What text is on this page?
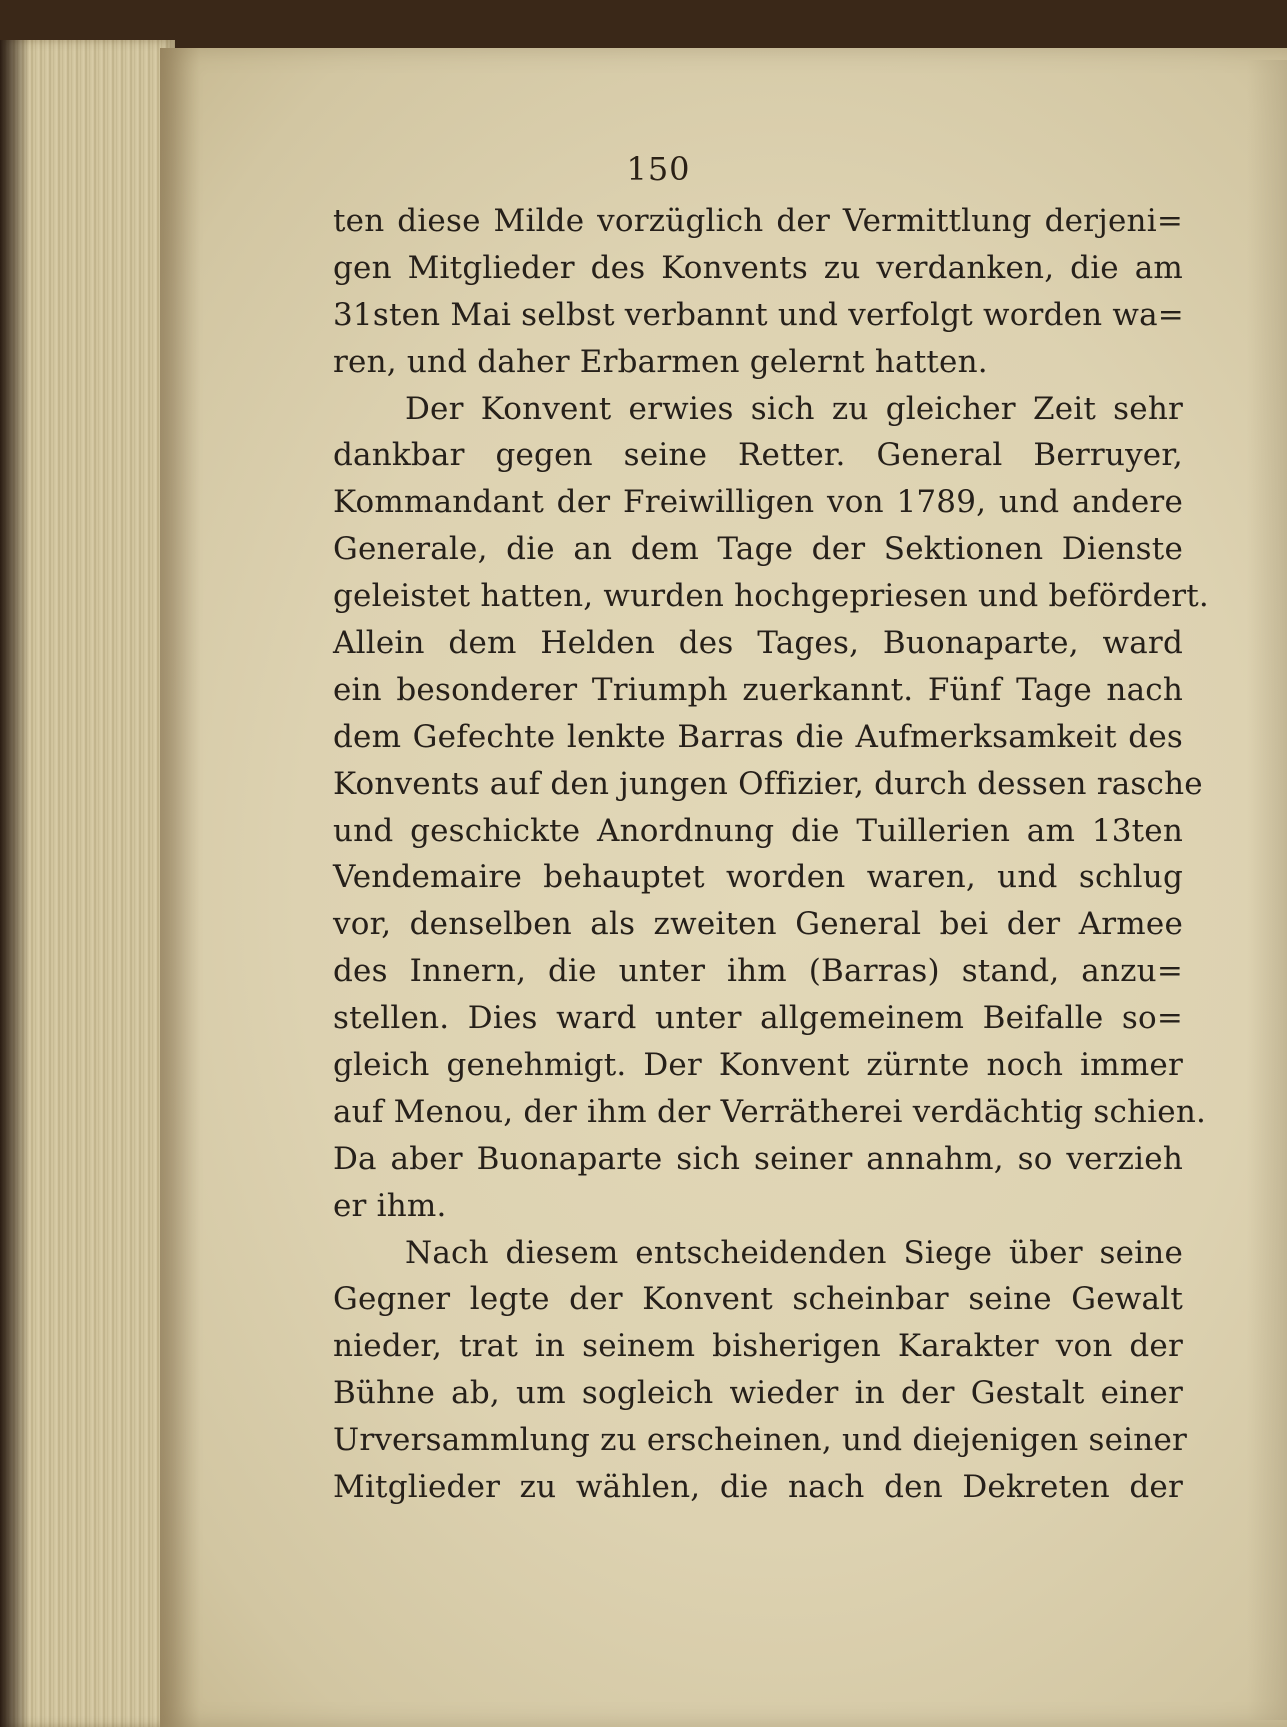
150
ten diese Milde vorzüglich der Vermittlung derjeni=
gen Mitglieder des Konvents zu verdanken, die am
31sten Mai selbst verbannt und verfolgt worden wa=
ren, und daher Erbarmen gelernt hatten.
Der Konvent erwies sich zu gleicher Zeit sehr
dankbar gegen seine Retter. General Berruyer,
Kommandant der Freiwilligen von 1789, und andere
Generale, die an dem Tage der Sektionen Dienste
geleistet hatten, wurden hochgepriesen und befördert.
Allein dem Helden des Tages, Buonaparte, ward
ein besonderer Triumph zuerkannt. Fünf Tage nach
dem Gefechte lenkte Barras die Aufmerksamkeit des
Konvents auf den jungen Offizier, durch dessen rasche
und geschickte Anordnung die Tuillerien am 13ten
Vendemaire behauptet worden waren, und schlug
vor, denselben als zweiten General bei der Armee
des Innern, die unter ihm (Barras) stand, anzu=
stellen. Dies ward unter allgemeinem Beifalle so=
gleich genehmigt. Der Konvent zürnte noch immer
auf Menou, der ihm der Verrätherei verdächtig schien.
Da aber Buonaparte sich seiner annahm, so verzieh
er ihm.
Nach diesem entscheidenden Siege über seine
Gegner legte der Konvent scheinbar seine Gewalt
nieder, trat in seinem bisherigen Karakter von der
Bühne ab, um sogleich wieder in der Gestalt einer
Urversammlung zu erscheinen, und diejenigen seiner
Mitglieder zu wählen, die nach den Dekreten der
